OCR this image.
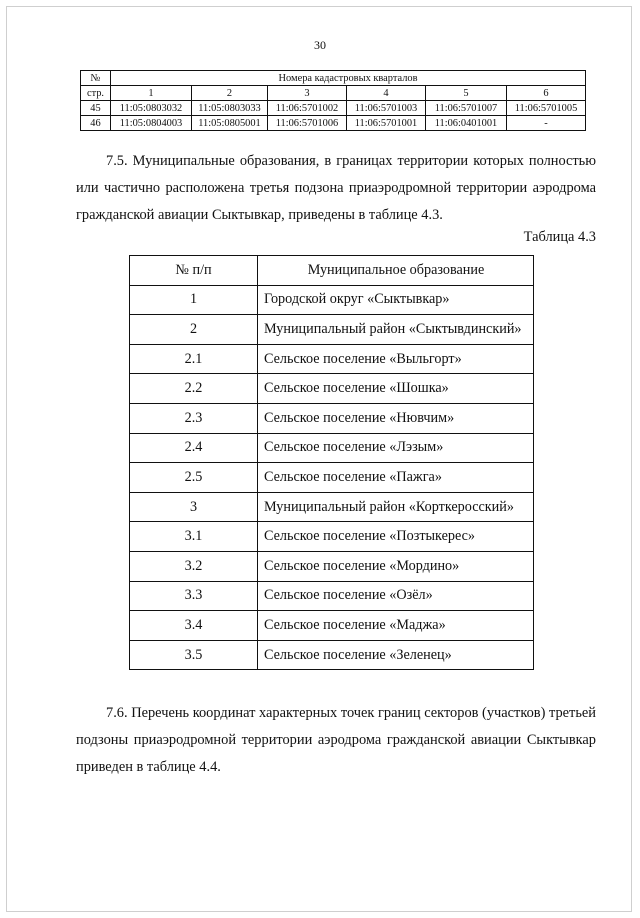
30
№	Номера кадастровых кварталов					
стр.	1	2	3	4	5	6
45	11:05:0803032	11:05:0803033	11:06:5701002	11:06:5701003	11:06:5701007	11:06:5701005
46	11:05:0804003	11:05:0805001	11:06:5701006	11:06:5701001	11:06:0401001	-

7.5. Муниципальные образования, в границах территории которых полностью или частично расположена третья подзона приаэродромной территории аэродрома гражданской авиации Сыктывкар, приведены в таблице 4.3.

Таблица 4.3
№ п/п	Муниципальное образование
1	Городской округ «Сыктывкар»
2	Муниципальный район «Сыктывдинский»
2.1	Сельское поселение «Выльгорт»
2.2	Сельское поселение «Шошка»
2.3	Сельское поселение «Нювчим»
2.4	Сельское поселение «Лэзым»
2.5	Сельское поселение «Пажга»
3	Муниципальный район «Корткеросский»
3.1	Сельское поселение «Позтыкерес»
3.2	Сельское поселение «Мордино»
3.3	Сельское поселение «Озёл»
3.4	Сельское поселение «Маджа»
3.5	Сельское поселение «Зеленец»

7.6. Перечень координат характерных точек границ секторов (участков) третьей подзоны приаэродромной территории аэродрома гражданской авиации Сыктывкар приведен в таблице 4.4.
